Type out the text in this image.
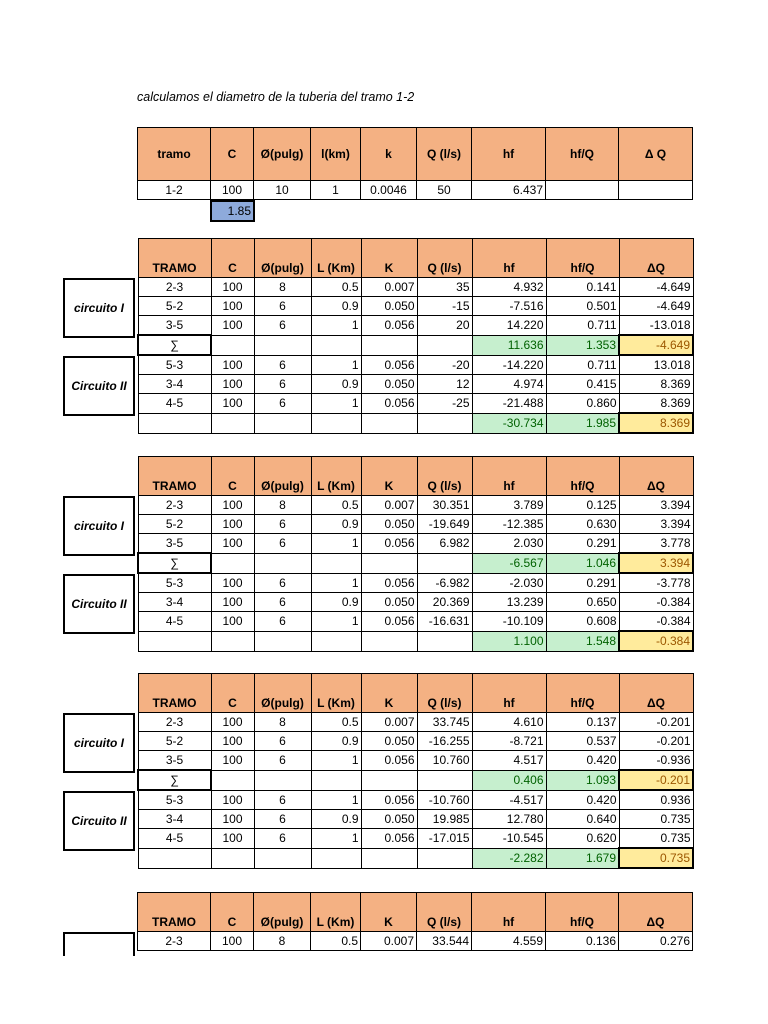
calculamos el diametro de la tuberia del tramo 1-2
tramo	C	Ø(pulg)	l(km)	k	Q (l/s)	hf	hf/Q	Δ Q
1-2	100	10	1	0.0046	50	6.437		
1.85
TRAMO	C	Ø(pulg)	L (Km)	K	Q (l/s)	hf	hf/Q	ΔQ
2-3	100	8	0.5	0.007	35	4.932	0.141	-4.649
5-2	100	6	0.9	0.050	-15	-7.516	0.501	-4.649
3-5	100	6	1	0.056	20	14.220	0.711	-13.018
∑						11.636	1.353	-4.649
5-3	100	6	1	0.056	-20	-14.220	0.711	13.018
3-4	100	6	0.9	0.050	12	4.974	0.415	8.369
4-5	100	6	1	0.056	-25	-21.488	0.860	8.369
						-30.734	1.985	8.369
circuito I
Circuito II
TRAMO	C	Ø(pulg)	L (Km)	K	Q (l/s)	hf	hf/Q	ΔQ
2-3	100	8	0.5	0.007	30.351	3.789	0.125	3.394
5-2	100	6	0.9	0.050	-19.649	-12.385	0.630	3.394
3-5	100	6	1	0.056	6.982	2.030	0.291	3.778
∑						-6.567	1.046	3.394
5-3	100	6	1	0.056	-6.982	-2.030	0.291	-3.778
3-4	100	6	0.9	0.050	20.369	13.239	0.650	-0.384
4-5	100	6	1	0.056	-16.631	-10.109	0.608	-0.384
						1.100	1.548	-0.384
circuito I
Circuito II
TRAMO	C	Ø(pulg)	L (Km)	K	Q (l/s)	hf	hf/Q	ΔQ
2-3	100	8	0.5	0.007	33.745	4.610	0.137	-0.201
5-2	100	6	0.9	0.050	-16.255	-8.721	0.537	-0.201
3-5	100	6	1	0.056	10.760	4.517	0.420	-0.936
∑						0.406	1.093	-0.201
5-3	100	6	1	0.056	-10.760	-4.517	0.420	0.936
3-4	100	6	0.9	0.050	19.985	12.780	0.640	0.735
4-5	100	6	1	0.056	-17.015	-10.545	0.620	0.735
						-2.282	1.679	0.735
circuito I
Circuito II
TRAMO	C	Ø(pulg)	L (Km)	K	Q (l/s)	hf	hf/Q	ΔQ
2-3	100	8	0.5	0.007	33.544	4.559	0.136	0.276
